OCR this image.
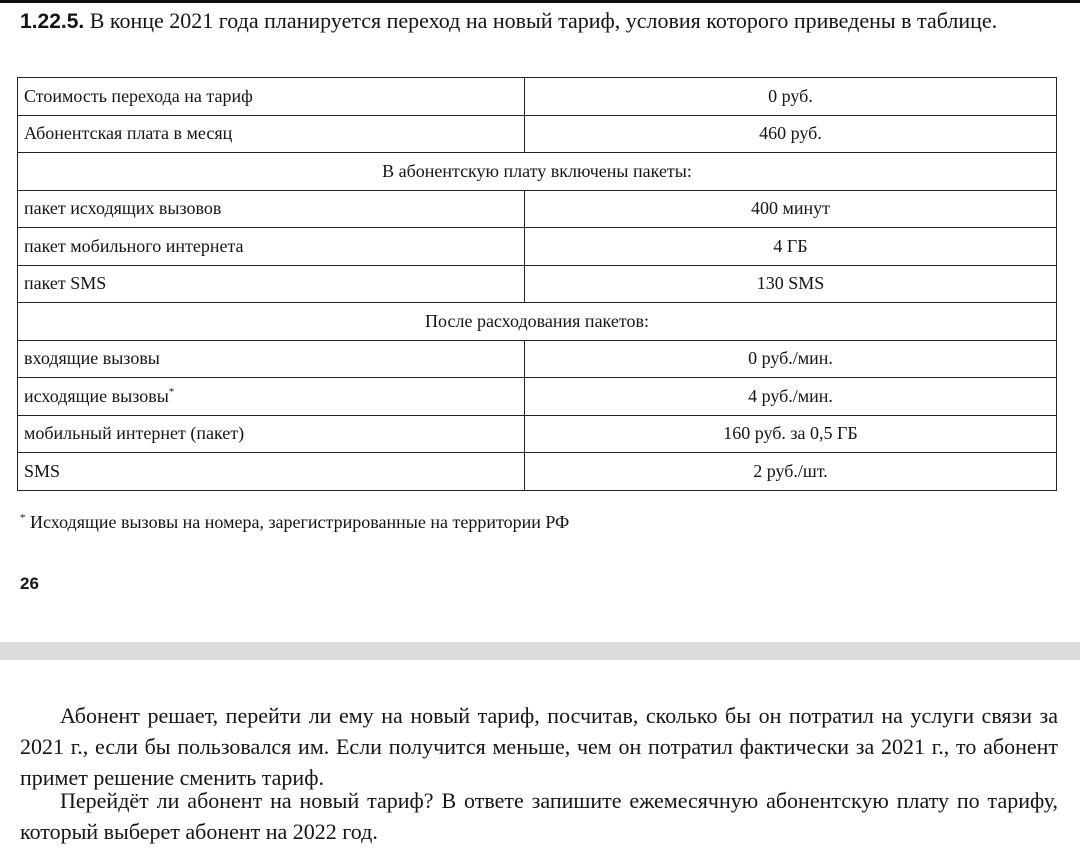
1.22.5. В конце 2021 года планируется переход на новый тариф, условия которого приведены в таблице.
Стоимость перехода на тариф	0 руб.
Абонентская плата в месяц	460 руб.
В абонентскую плату включены пакеты:	
пакет исходящих вызовов	400 минут
пакет мобильного интернета	4 ГБ
пакет SMS	130 SMS
После расходования пакетов:	
входящие вызовы	0 руб./мин.
исходящие вызовы*	4 руб./мин.
мобильный интернет (пакет)	160 руб. за 0,5 ГБ
SMS	2 руб./шт.
* Исходящие вызовы на номера, зарегистрированные на территории РФ
26

Абонент решает, перейти ли ему на новый тариф, посчитав, сколько бы он потратил на услуги связи за 2021 г., если бы пользовался им. Если получится меньше, чем он потратил фактически за 2021 г., то абонент примет решение сменить тариф.

Перейдёт ли абонент на новый тариф? В ответе запишите ежемесячную абонентскую плату по тарифу, который выберет абонент на 2022 год.
